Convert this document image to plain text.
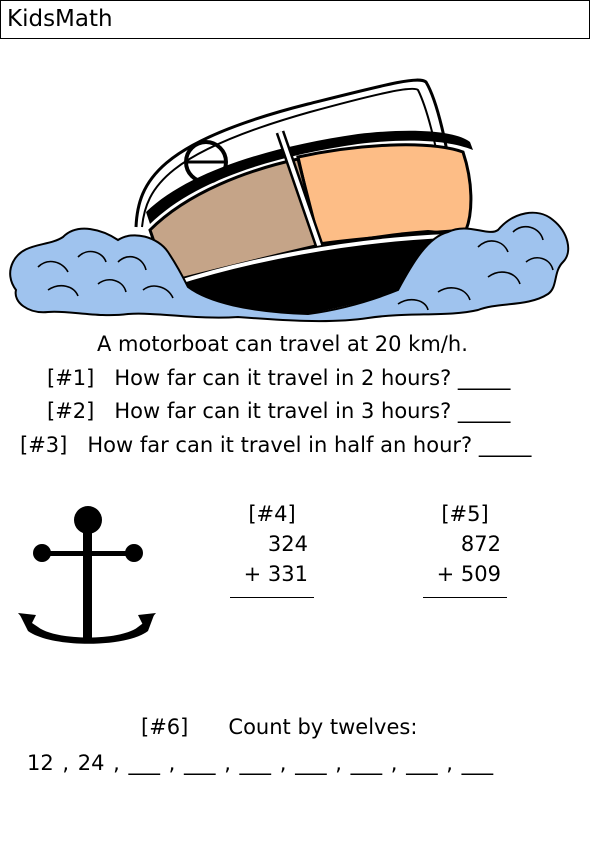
KidsMath
A motorboat can travel at 20 km/h.
[#1] How far can it travel in 2 hours? _____
[#2] How far can it travel in 3 hours? _____
[#3] How far can it travel in half an hour? _____
[#4]
324
+ 331
[#5]
872
+ 509
[#6] Count by twelves:
12 , 24 , ___ , ___ , ___ , ___ , ___ , ___ , ___
